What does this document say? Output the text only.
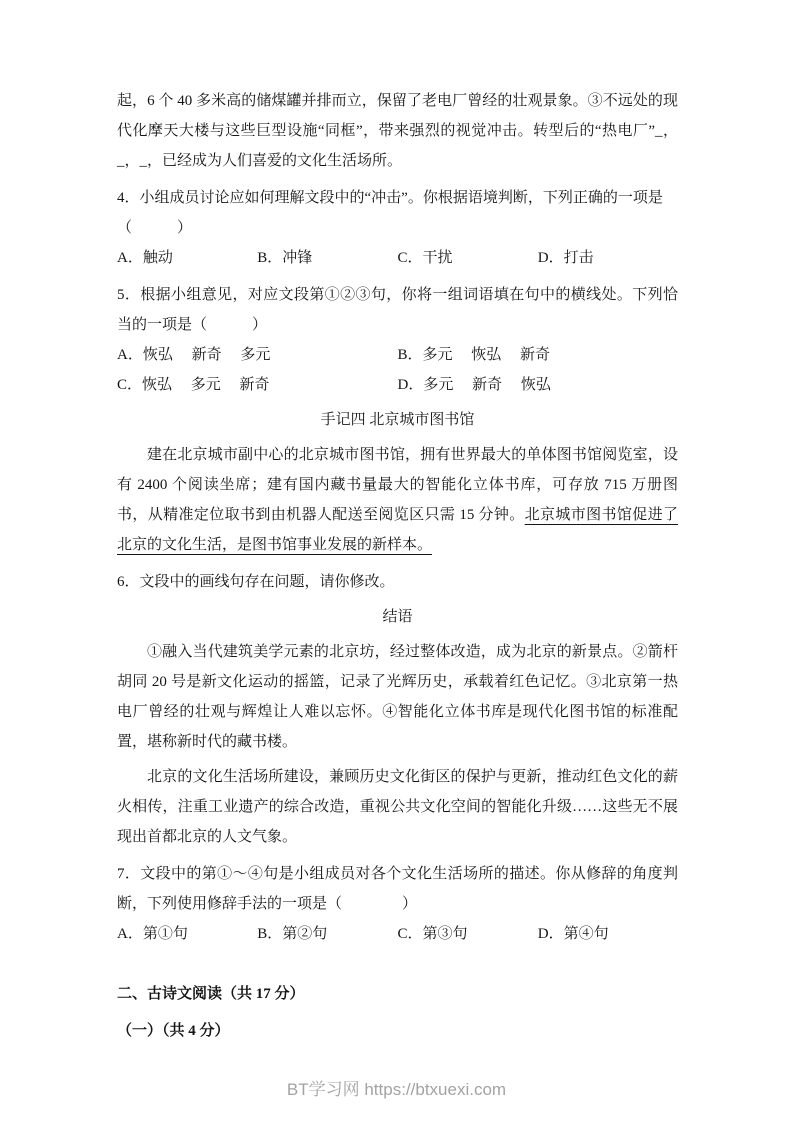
起，6 个 40 多米高的储煤罐并排而立，保留了老电厂曾经的壮观景象。③不远处的现代化摩天大楼与这些巨型设施“同框”，带来强烈的视觉冲击。转型后的“热电厂”_，_，_，已经成为人们喜爱的文化生活场所。

4．小组成员讨论应如何理解文段中的“冲击”。你根据语境判断，下列正确的一项是

（　　　）

A．触动	B．冲锋	C．干扰	D．打击

5．根据小组意见，对应文段第①②③句，你将一组词语填在句中的横线处。下列恰当的一项是（　　　）

A．恢弘　 新奇　 多元	B．多元　 恢弘　 新奇
C．恢弘　 多元　 新奇	D．多元　 新奇　 恢弘

手记四 北京城市图书馆

建在北京城市副中心的北京城市图书馆，拥有世界最大的单体图书馆阅览室，设有 2400 个阅读坐席；建有国内藏书量最大的智能化立体书库，可存放 715 万册图书，从精准定位取书到由机器人配送至阅览区只需 15 分钟。北京城市图书馆促进了北京的文化生活，是图书馆事业发展的新样本。

6．文段中的画线句存在问题，请你修改。

结语

①融入当代建筑美学元素的北京坊，经过整体改造，成为北京的新景点。②箭杆胡同 20 号是新文化运动的摇篮，记录了光辉历史，承载着红色记忆。③北京第一热电厂曾经的壮观与辉煌让人难以忘怀。④智能化立体书库是现代化图书馆的标准配置，堪称新时代的藏书楼。

北京的文化生活场所建设，兼顾历史文化街区的保护与更新，推动红色文化的薪火相传，注重工业遗产的综合改造，重视公共文化空间的智能化升级……这些无不展现出首都北京的人文气象。

7．文段中的第①～④句是小组成员对各个文化生活场所的描述。你从修辞的角度判断，下列使用修辞手法的一项是（　　　　）

A．第①句	B．第②句	C．第③句	D．第④句

二、古诗文阅读（共 17 分）

（一）（共 4 分）

BT学习网 https://btxuexi.com
